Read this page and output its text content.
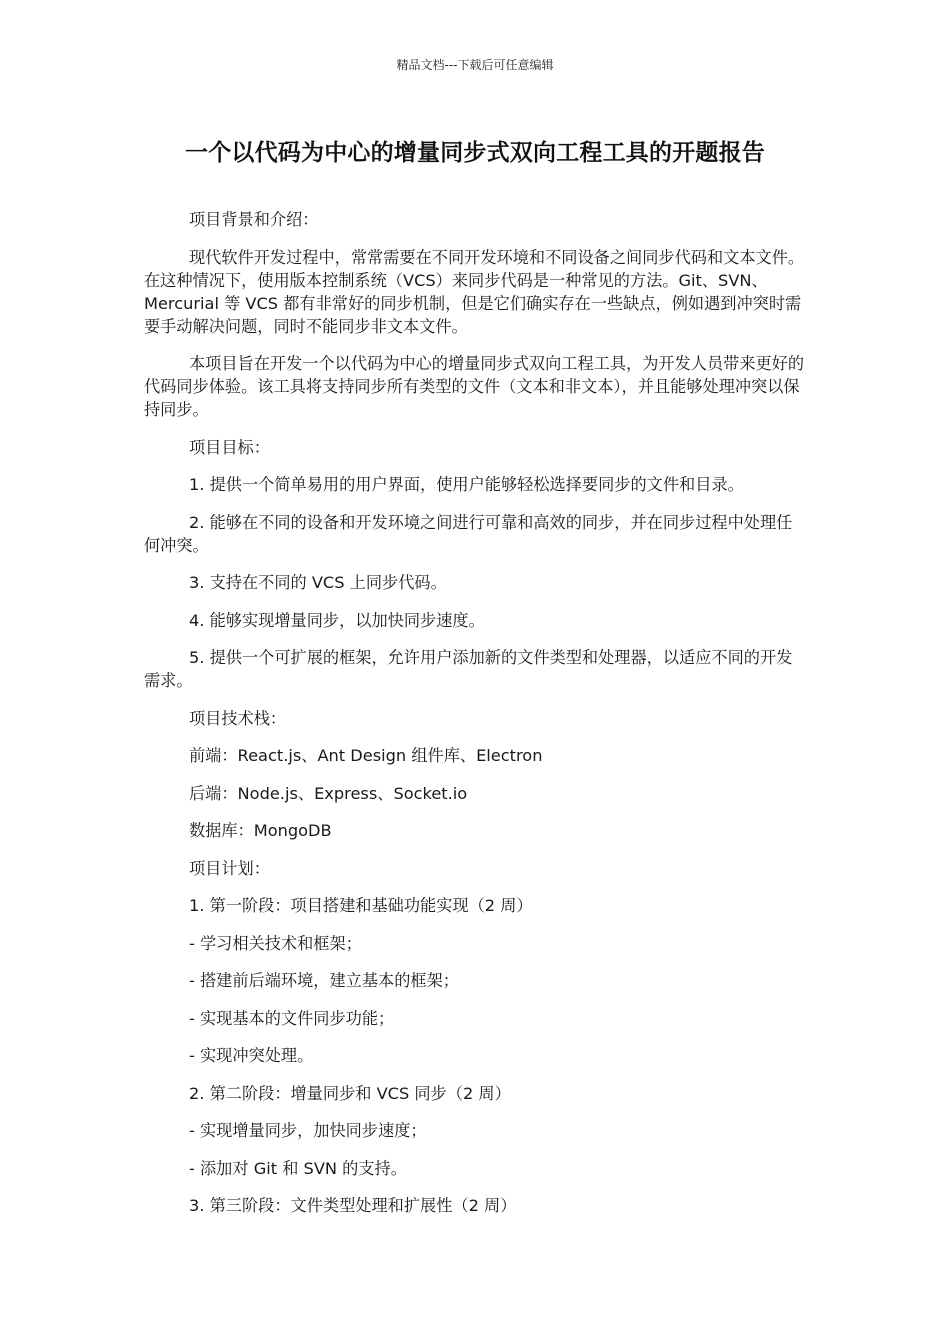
精品文档---下载后可任意编辑
一个以代码为中心的增量同步式双向工程工具的开题报告

项目背景和介绍：

现代软件开发过程中，常常需要在不同开发环境和不同设备之间同步代码和文本文件。在这种情况下，使用版本控制系统（VCS）来同步代码是一种常见的方法。Git、SVN、Mercurial 等 VCS 都有非常好的同步机制，但是它们确实存在一些缺点，例如遇到冲突时需要手动解决问题，同时不能同步非文本文件。

本项目旨在开发一个以代码为中心的增量同步式双向工程工具，为开发人员带来更好的代码同步体验。该工具将支持同步所有类型的文件（文本和非文本），并且能够处理冲突以保持同步。

项目目标：

1. 提供一个简单易用的用户界面，使用户能够轻松选择要同步的文件和目录。

2. 能够在不同的设备和开发环境之间进行可靠和高效的同步，并在同步过程中处理任何冲突。

3. 支持在不同的 VCS 上同步代码。

4. 能够实现增量同步，以加快同步速度。

5. 提供一个可扩展的框架，允许用户添加新的文件类型和处理器，以适应不同的开发需求。

项目技术栈：

前端：React.js、Ant Design 组件库、Electron

后端：Node.js、Express、Socket.io

数据库：MongoDB

项目计划：

1. 第一阶段：项目搭建和基础功能实现（2 周）

- 学习相关技术和框架；

- 搭建前后端环境，建立基本的框架；

- 实现基本的文件同步功能；

- 实现冲突处理。

2. 第二阶段：增量同步和 VCS 同步（2 周）

- 实现增量同步，加快同步速度；

- 添加对 Git 和 SVN 的支持。

3. 第三阶段：文件类型处理和扩展性（2 周）
